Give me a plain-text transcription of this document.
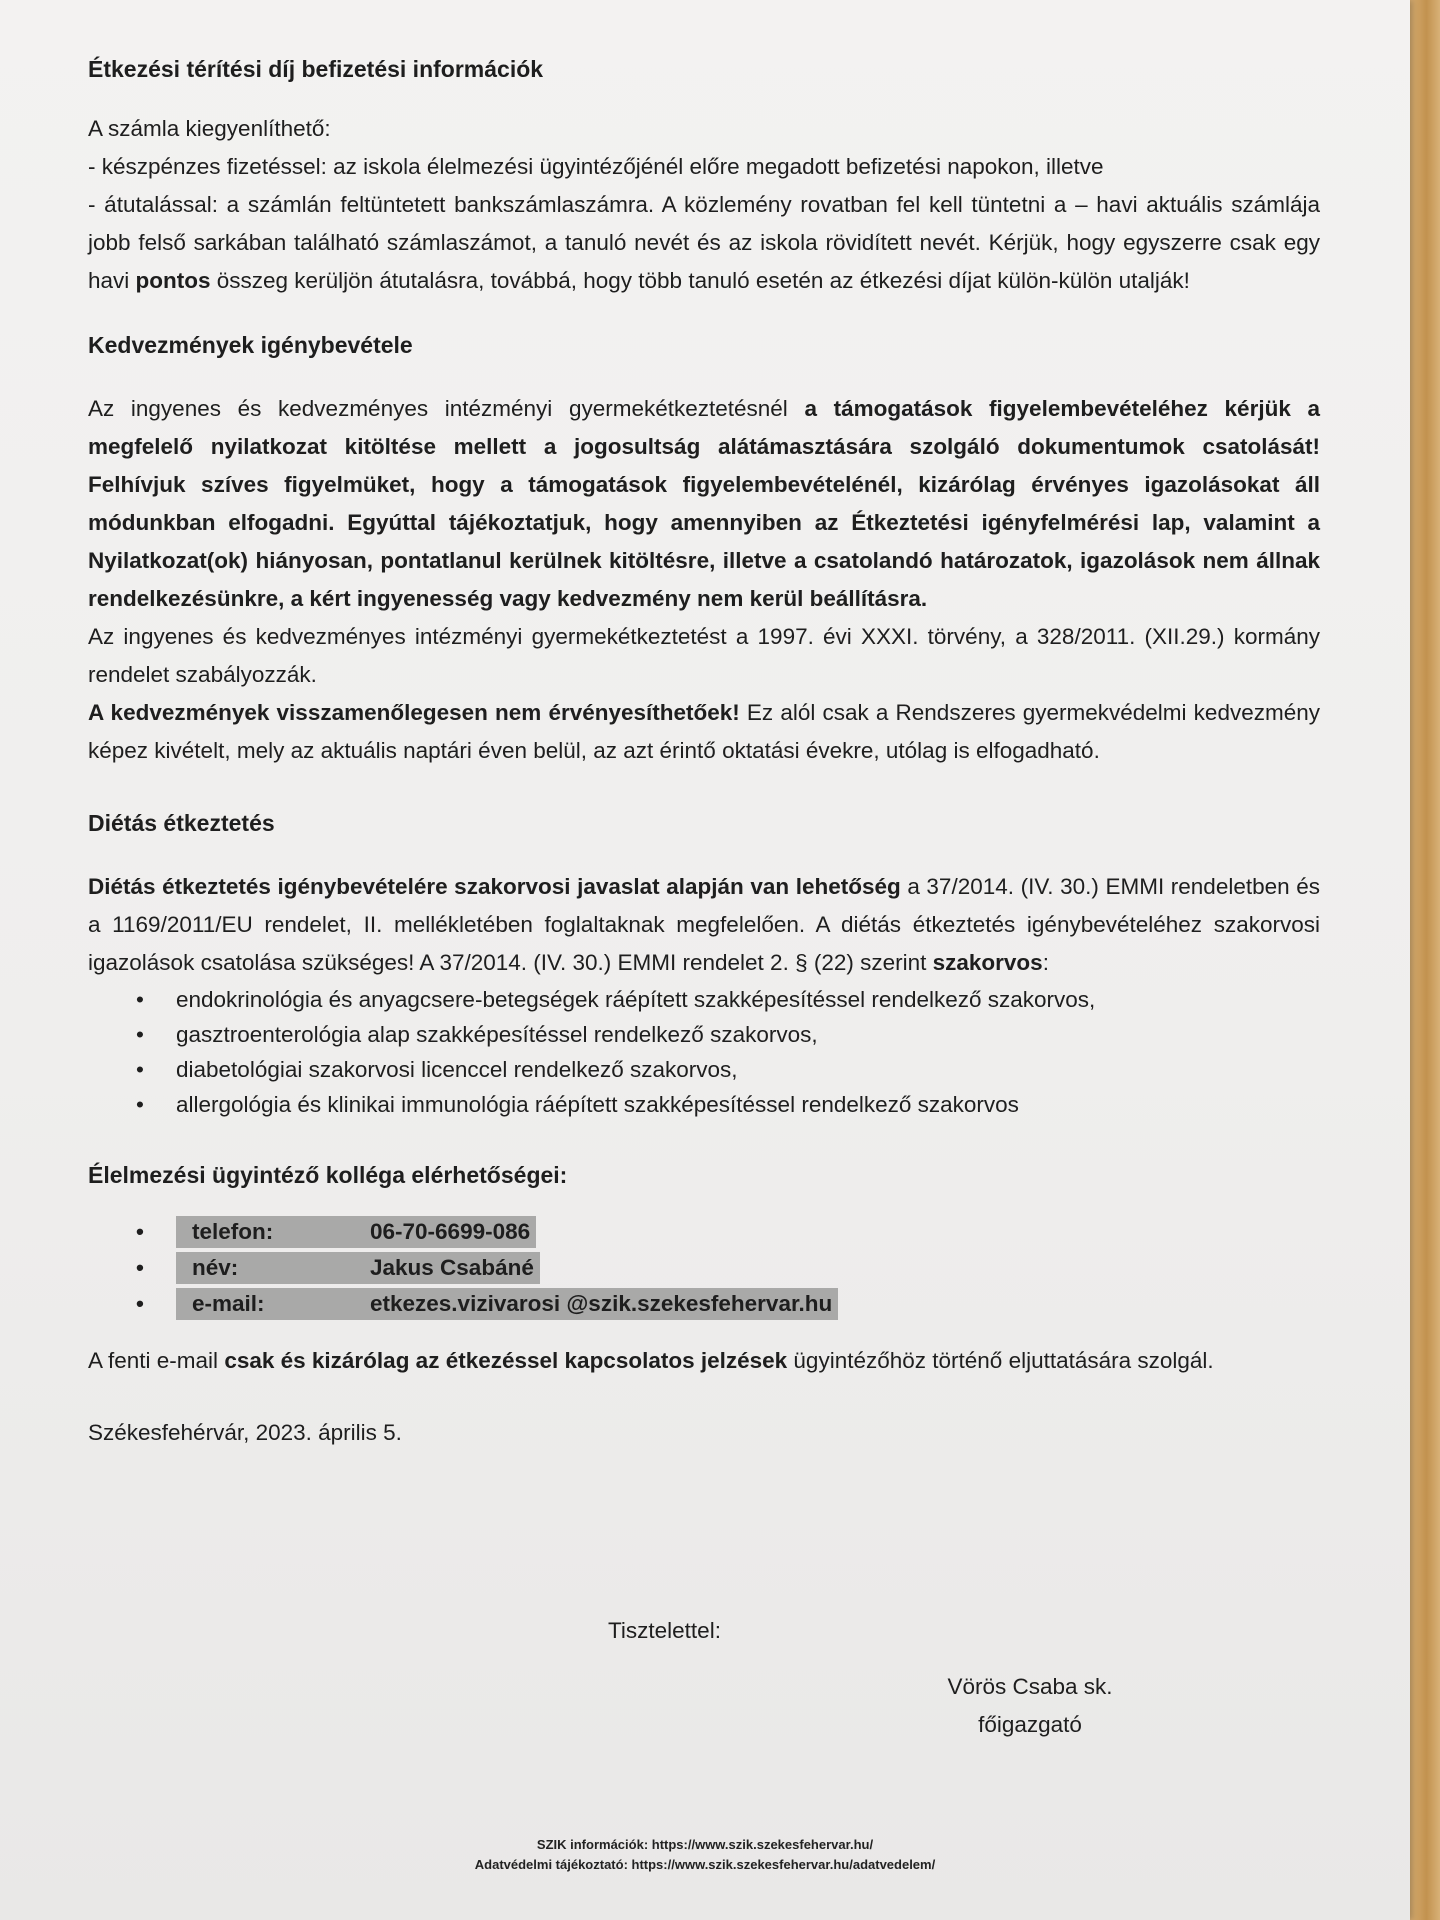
Étkezési térítési díj befizetési információk

A számla kiegyenlíthető:

- készpénzes fizetéssel: az iskola élelmezési ügyintézőjénél előre megadott befizetési napokon, illetve

- átutalással: a számlán feltüntetett bankszámlaszámra. A közlemény rovatban fel kell tüntetni a – havi aktuális számlája jobb felső sarkában található számlaszámot, a tanuló nevét és az iskola rövidített nevét. Kérjük, hogy egyszerre csak egy havi pontos összeg kerüljön átutalásra, továbbá, hogy több tanuló esetén az étkezési díjat külön-külön utalják!

Kedvezmények igénybevétele

Az ingyenes és kedvezményes intézményi gyermekétkeztetésnél a támogatások figyelembevételéhez kérjük a megfelelő nyilatkozat kitöltése mellett a jogosultság alátámasztására szolgáló dokumentumok csatolását! Felhívjuk szíves figyelmüket, hogy a támogatások figyelembevételénél, kizárólag érvényes igazolásokat áll módunkban elfogadni. Egyúttal tájékoztatjuk, hogy amennyiben az Étkeztetési igényfelmérési lap, valamint a Nyilatkozat(ok) hiányosan, pontatlanul kerülnek kitöltésre, illetve a csatolandó határozatok, igazolások nem állnak rendelkezésünkre, a kért ingyenesség vagy kedvezmény nem kerül beállításra.

Az ingyenes és kedvezményes intézményi gyermekétkeztetést a 1997. évi XXXI. törvény, a 328/2011. (XII.29.) kormány rendelet szabályozzák.

A kedvezmények visszamenőlegesen nem érvényesíthetőek! Ez alól csak a Rendszeres gyermekvédelmi kedvezmény képez kivételt, mely az aktuális naptári éven belül, az azt érintő oktatási évekre, utólag is elfogadható.

Diétás étkeztetés

Diétás étkeztetés igénybevételére szakorvosi javaslat alapján van lehetőség a 37/2014. (IV. 30.) EMMI rendeletben és a 1169/2011/EU rendelet, II. mellékletében foglaltaknak megfelelően. A diétás étkeztetés igénybevételéhez szakorvosi igazolások csatolása szükséges! A 37/2014. (IV. 30.) EMMI rendelet 2. § (22) szerint szakorvos:

• endokrinológia és anyagcsere-betegségek ráépített szakképesítéssel rendelkező szakorvos,
• gasztroenterológia alap szakképesítéssel rendelkező szakorvos,
• diabetológiai szakorvosi licenccel rendelkező szakorvos,
• allergológia és klinikai immunológia ráépített szakképesítéssel rendelkező szakorvos
Élelmezési ügyintéző kolléga elérhetőségei:
•	telefon:	06-70-6699-086
•	név:	Jakus Csabáné
•	e-mail:	etkezes.vizivarosi @szik.szekesfehervar.hu

A fenti e-mail csak és kizárólag az étkezéssel kapcsolatos jelzések ügyintézőhöz történő eljuttatására szolgál.

Székesfehérvár, 2023. április 5.

Tisztelettel:
Vörös Csaba sk.
főigazgató
SZIK információk: https://www.szik.szekesfehervar.hu/
Adatvédelmi tájékoztató: https://www.szik.szekesfehervar.hu/adatvedelem/
